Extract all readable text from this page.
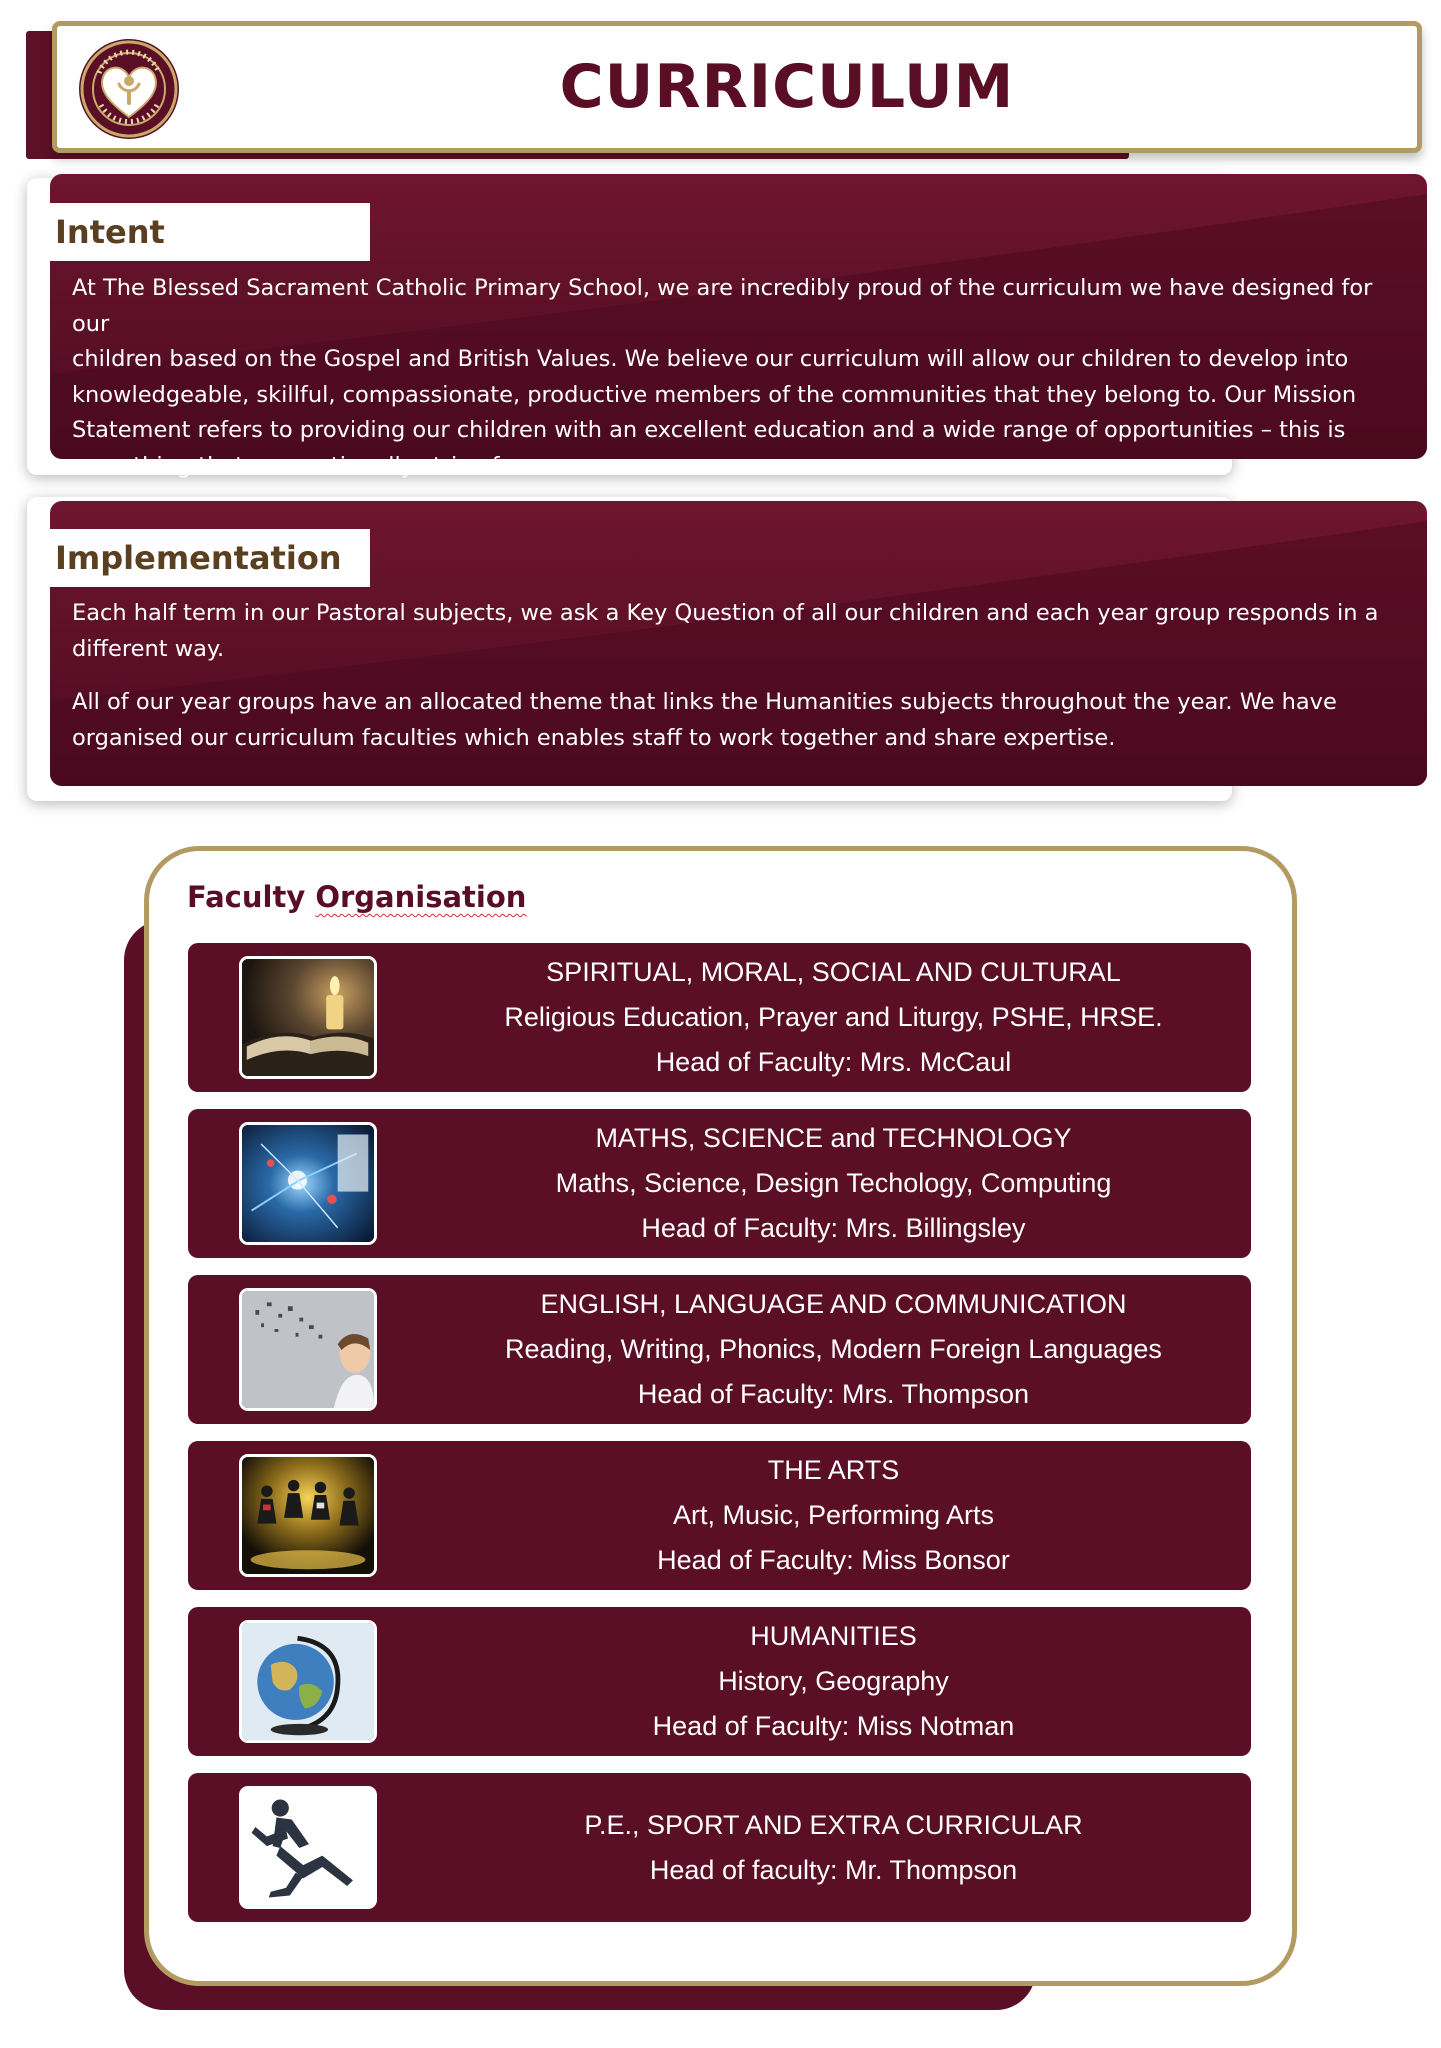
CURRICULUM
Intent
At The Blessed Sacrament Catholic Primary School, we are incredibly proud of the curriculum we have designed for our
children based on the Gospel and British Values. We believe our curriculum will allow our children to develop into
knowledgeable, skillful, compassionate, productive members of the communities that they belong to. Our Mission
Statement refers to providing our children with an excellent education and a wide range of opportunities – this is
something that we continually strive for.
Implementation

Each half term in our Pastoral subjects, we ask a Key Question of all our children and each year group responds in a
different way.

All of our year groups have an allocated theme that links the Humanities subjects throughout the year. We have
organised our curriculum faculties which enables staff to work together and share expertise.

Faculty Organisation
SPIRITUAL, MORAL, SOCIAL AND CULTURAL
Religious Education, Prayer and Liturgy, PSHE, HRSE.
Head of Faculty: Mrs. McCaul
MATHS, SCIENCE and TECHNOLOGY
Maths, Science, Design Techology, Computing
Head of Faculty: Mrs. Billingsley
ENGLISH, LANGUAGE AND COMMUNICATION
Reading, Writing, Phonics, Modern Foreign Languages
Head of Faculty: Mrs. Thompson
THE ARTS
Art, Music, Performing Arts
Head of Faculty: Miss Bonsor
HUMANITIES
History, Geography
Head of Faculty: Miss Notman
P.E., SPORT AND EXTRA CURRICULAR
Head of faculty: Mr. Thompson
